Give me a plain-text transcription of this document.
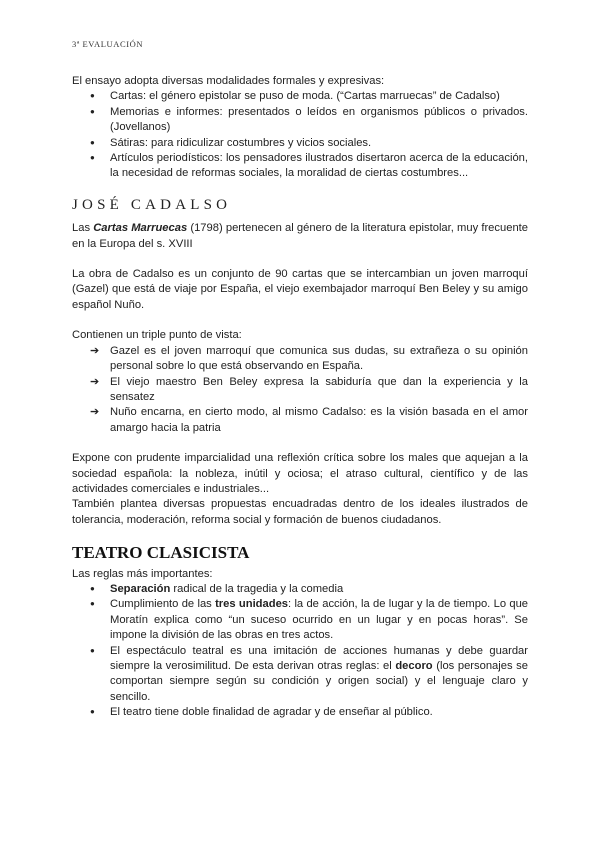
3ª EVALUACIÓN

El ensayo adopta diversas modalidades formales y expresivas:

●
Cartas: el género epistolar se puso de moda. (“Cartas marruecas” de Cadalso)
●
Memorias e informes: presentados o leídos en organismos públicos o privados. (Jovellanos)
●
Sátiras: para ridiculizar costumbres y vicios sociales.
●
Artículos periodísticos: los pensadores ilustrados disertaron acerca de la educación, la necesidad de reformas sociales, la moralidad de ciertas costumbres...
JOSÉ CADALSO

Las Cartas Marruecas (1798) pertenecen al género de la literatura epistolar, muy frecuente en la Europa del s. XVIII

La obra de Cadalso es un conjunto de 90 cartas que se intercambian un joven marroquí (Gazel) que está de viaje por España, el viejo exembajador marroquí Ben Beley y su amigo español Nuño.

Contienen un triple punto de vista:

➔
Gazel es el joven marroquí que comunica sus dudas, su extrañeza o su opinión personal sobre lo que está observando en España.
➔
El viejo maestro Ben Beley expresa la sabiduría que dan la experiencia y la sensatez
➔
Nuño encarna, en cierto modo, al mismo Cadalso: es la visión basada en el amor amargo hacia la patria

Expone con prudente imparcialidad una reflexión crítica sobre los males que aquejan a la sociedad española: la nobleza, inútil y ociosa; el atraso cultural, científico y de las actividades comerciales e industriales...

También plantea diversas propuestas encuadradas dentro de los ideales ilustrados de tolerancia, moderación, reforma social y formación de buenos ciudadanos.

TEATRO CLASICISTA

Las reglas más importantes:

●
Separación radical de la tragedia y la comedia
●
Cumplimiento de las tres unidades: la de acción, la de lugar y la de tiempo. Lo que Moratín explica como “un suceso ocurrido en un lugar y en pocas horas”. Se impone la división de las obras en tres actos.
●
El espectáculo teatral es una imitación de acciones humanas y debe guardar siempre la verosimilitud. De esta derivan otras reglas: el decoro (los personajes se comportan siempre según su condición y origen social) y el lenguaje claro y sencillo.
●
El teatro tiene doble finalidad de agradar y de enseñar al público.
